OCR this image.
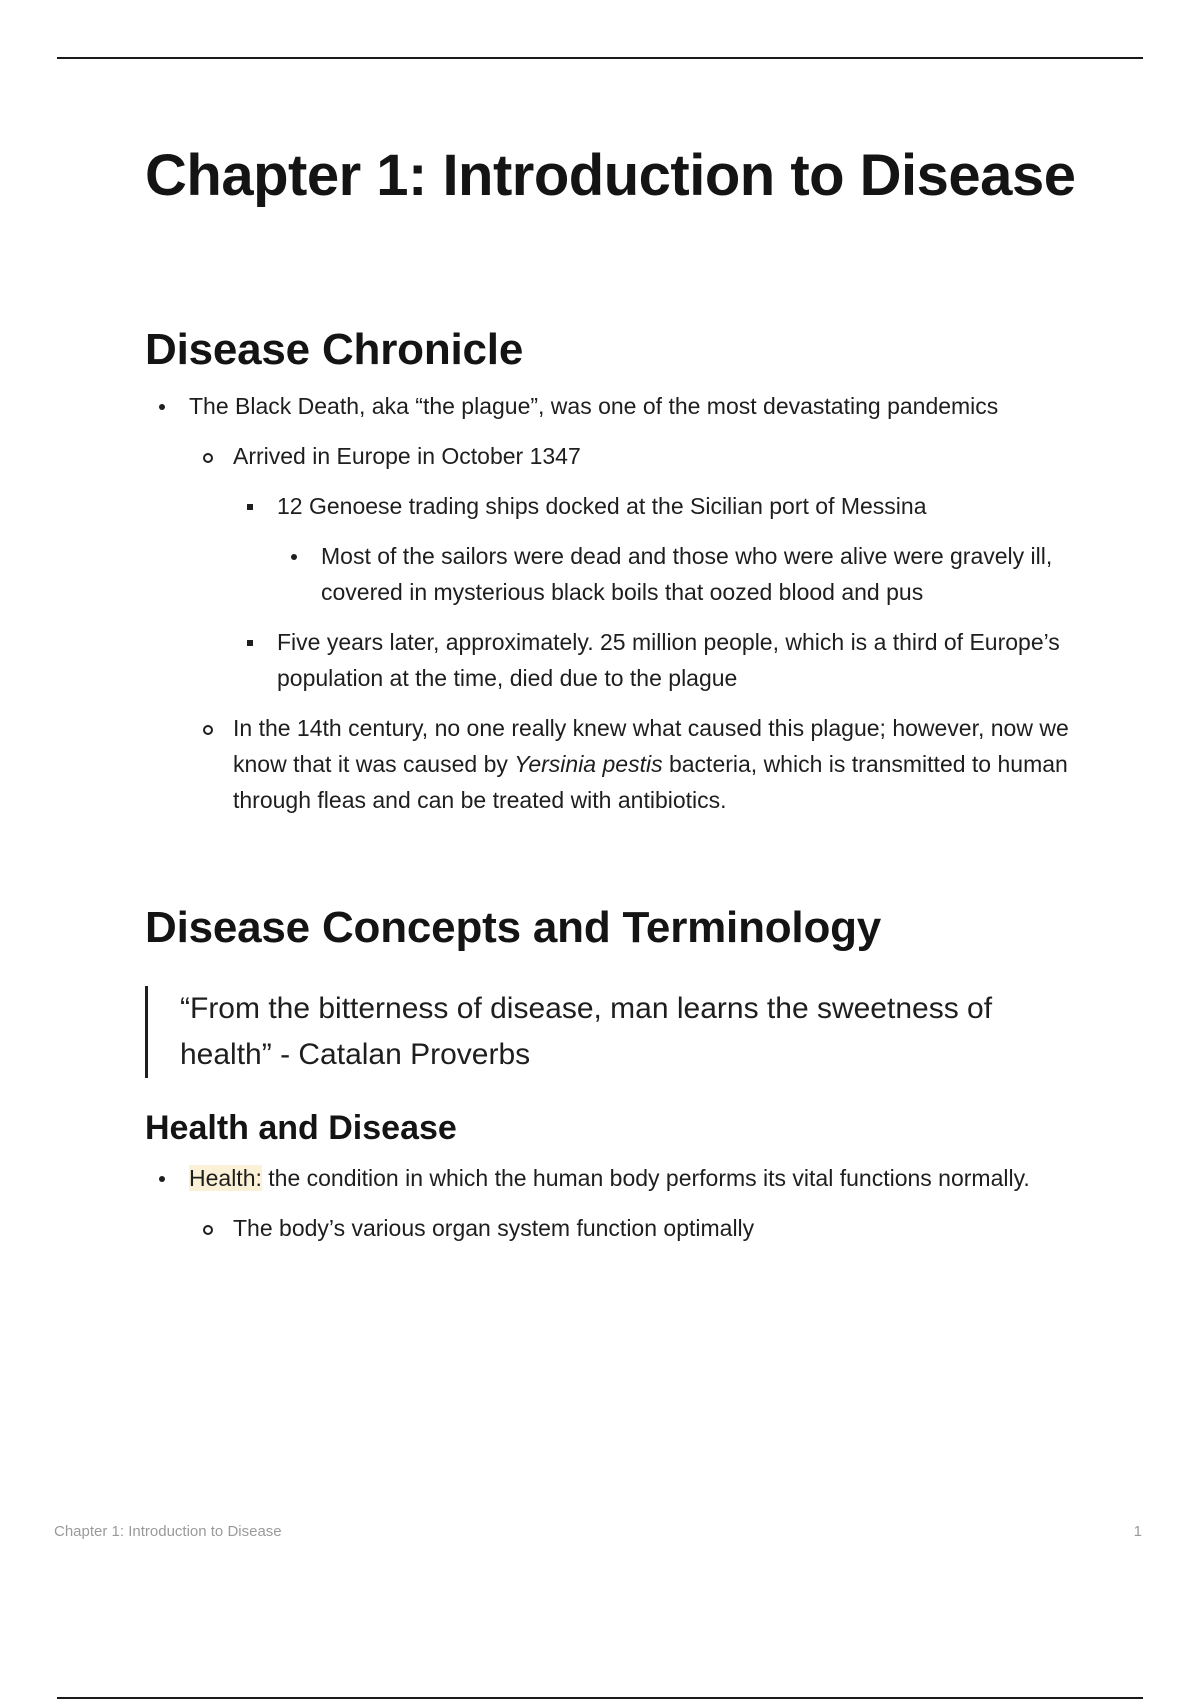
Chapter 1: Introduction to Disease
Disease Chronicle
The Black Death, aka “the plague”, was one of the most devastating pandemics
Arrived in Europe in October 1347
12 Genoese trading ships docked at the Sicilian port of Messina
Most of the sailors were dead and those who were alive were gravely ill, covered in mysterious black boils that oozed blood and pus
Five years later, approximately. 25 million people, which is a third of Europe’s population at the time, died due to the plague
In the 14th century, no one really knew what caused this plague; however, now we know that it was caused by Yersinia pestis bacteria, which is transmitted to human through fleas and can be treated with antibiotics.
Disease Concepts and Terminology
“From the bitterness of disease, man learns the sweetness of health” - Catalan Proverbs
Health and Disease
Health: the condition in which the human body performs its vital functions normally.
The body’s various organ system function optimally
Chapter 1: Introduction to Disease	1
